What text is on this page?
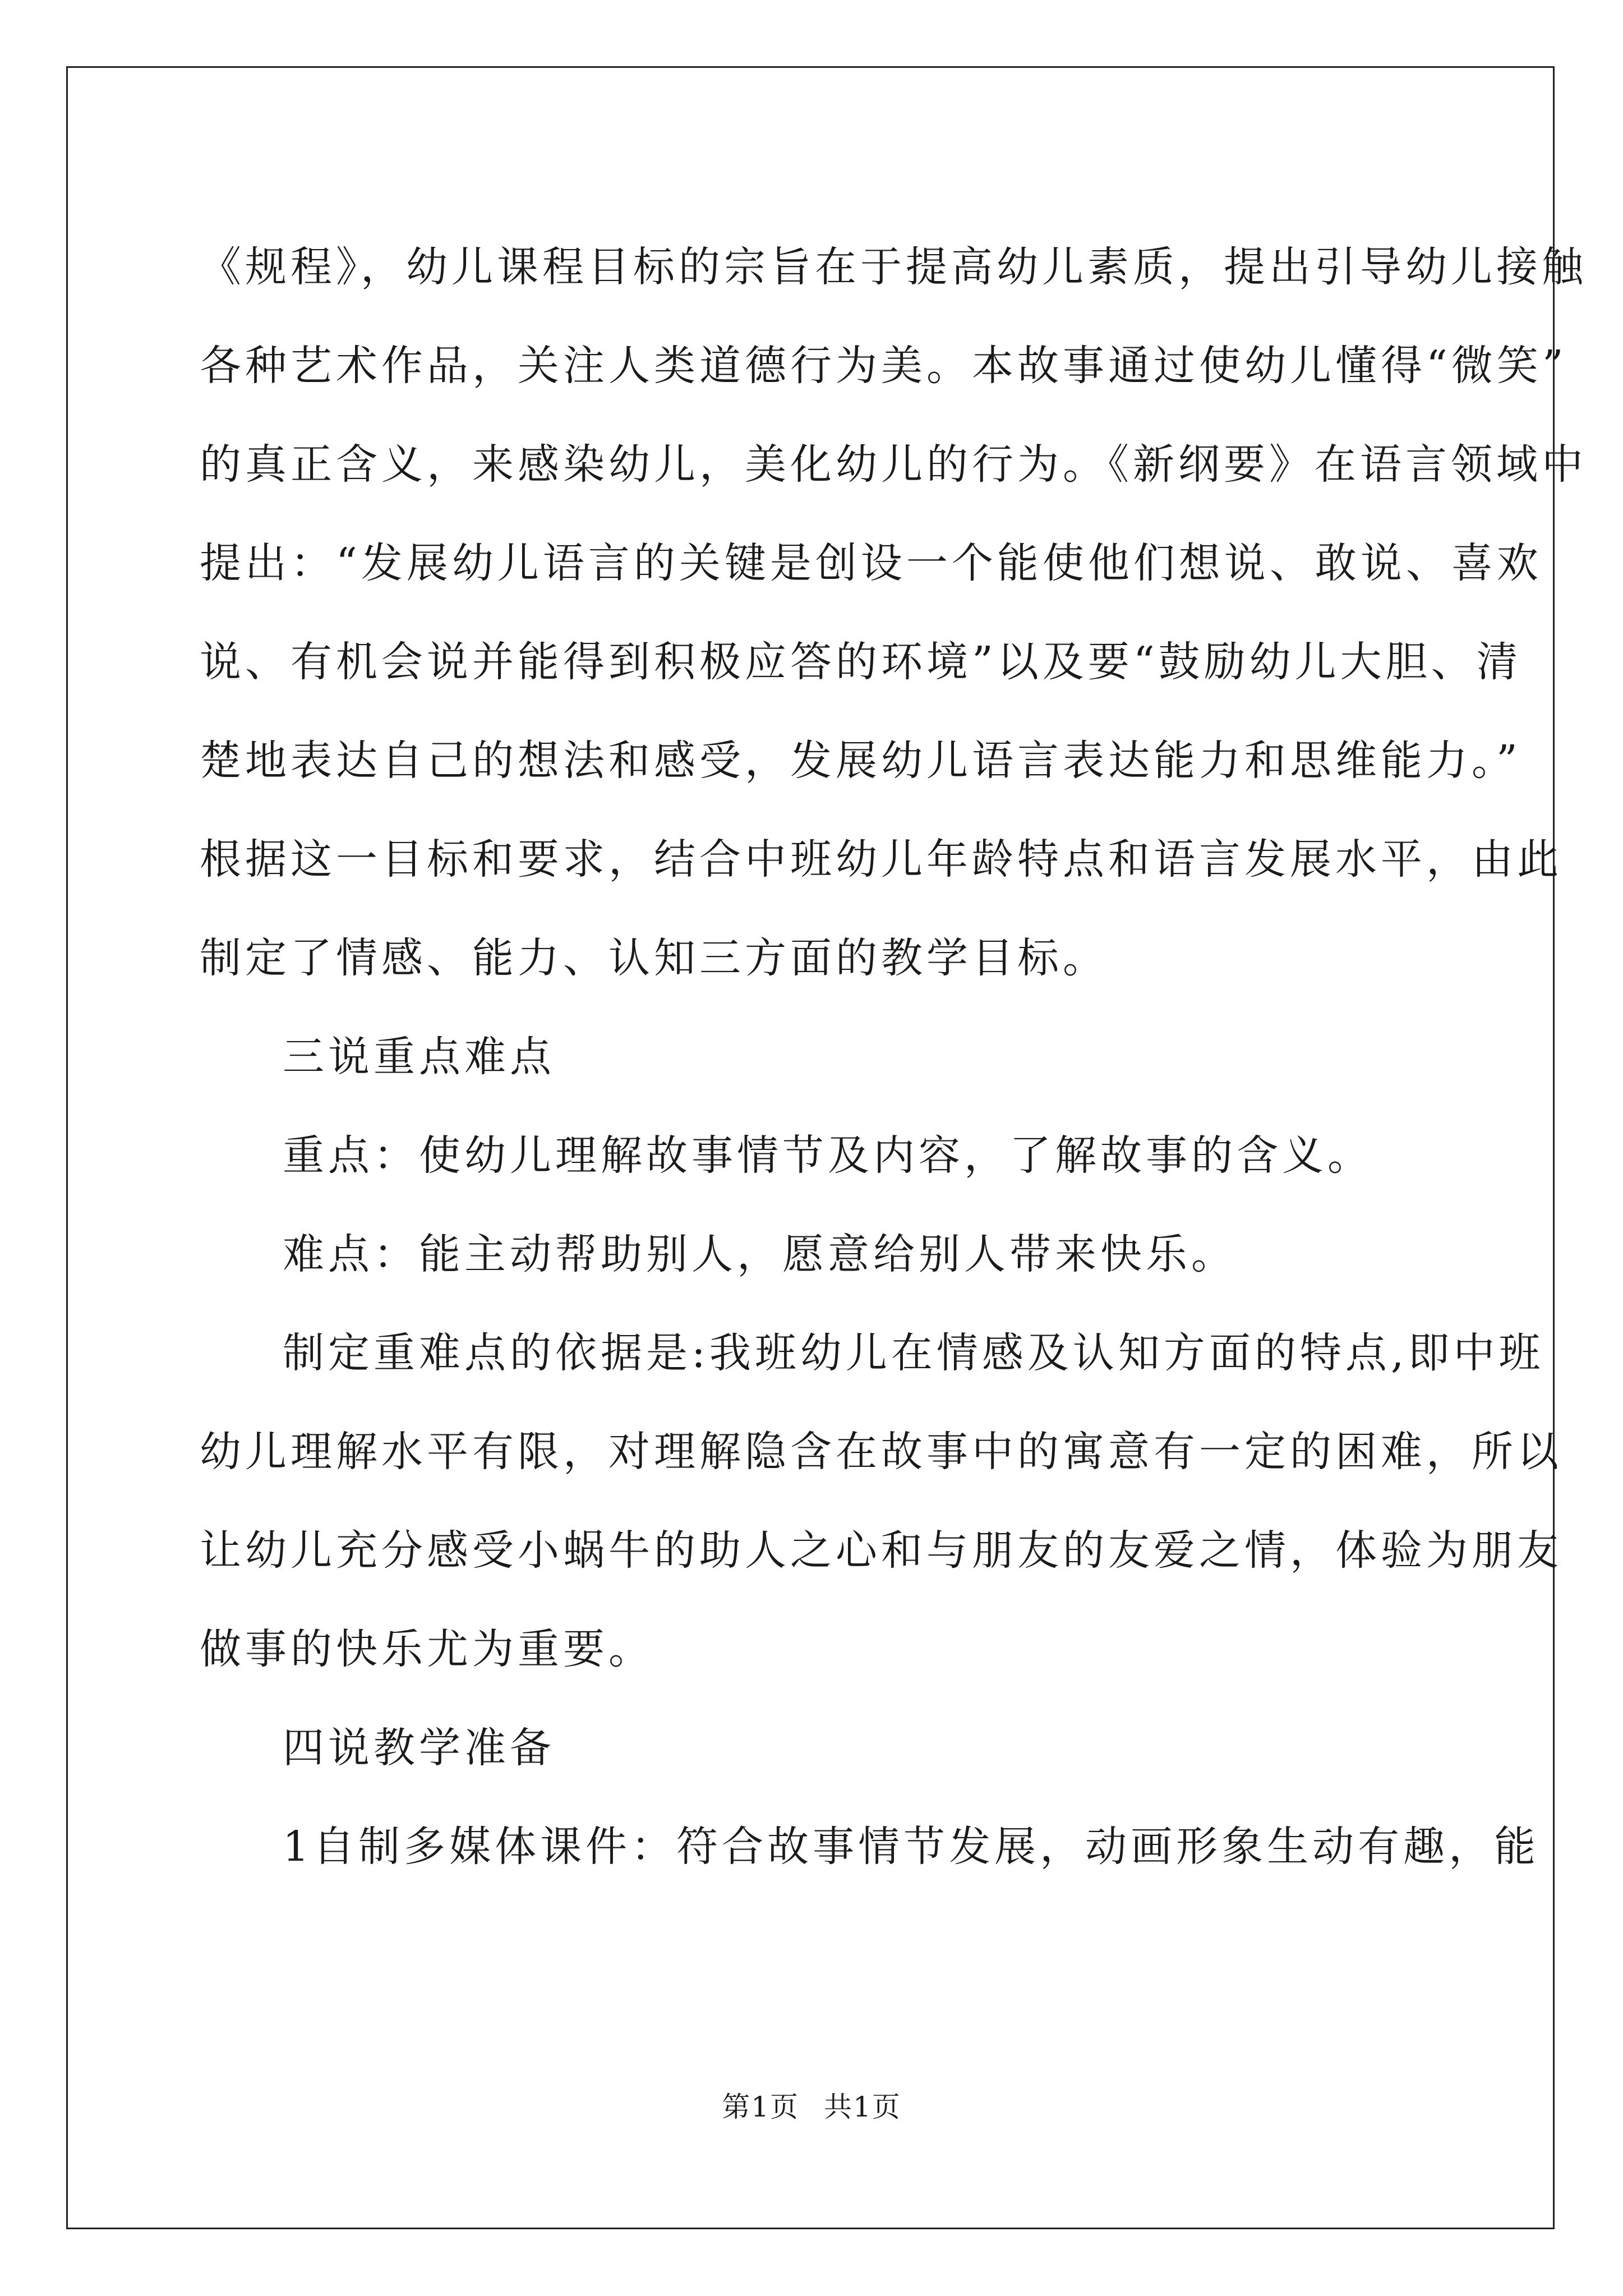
《规程》，幼儿课程目标的宗旨在于提高幼儿素质，提出引导幼儿接触
各种艺术作品，关注人类道德行为美。本故事通过使幼儿懂得“微笑”
的真正含义，来感染幼儿，美化幼儿的行为。《新纲要》在语言领域中
提出：“发展幼儿语言的关键是创设一个能使他们想说、敢说、喜欢
说、有机会说并能得到积极应答的环境”以及要“鼓励幼儿大胆、清
楚地表达自己的想法和感受，发展幼儿语言表达能力和思维能力。”
根据这一目标和要求，结合中班幼儿年龄特点和语言发展水平，由此
制定了情感、能力、认知三方面的教学目标。
三说重点难点
重点：使幼儿理解故事情节及内容，了解故事的含义。
难点：能主动帮助别人，愿意给别人带来快乐。
制定重难点的依据是:我班幼儿在情感及认知方面的特点,即中班
幼儿理解水平有限，对理解隐含在故事中的寓意有一定的困难，所以
让幼儿充分感受小蜗牛的助人之心和与朋友的友爱之情，体验为朋友
做事的快乐尤为重要。
四说教学准备
1自制多媒体课件：符合故事情节发展，动画形象生动有趣，能
第1页 共1页
